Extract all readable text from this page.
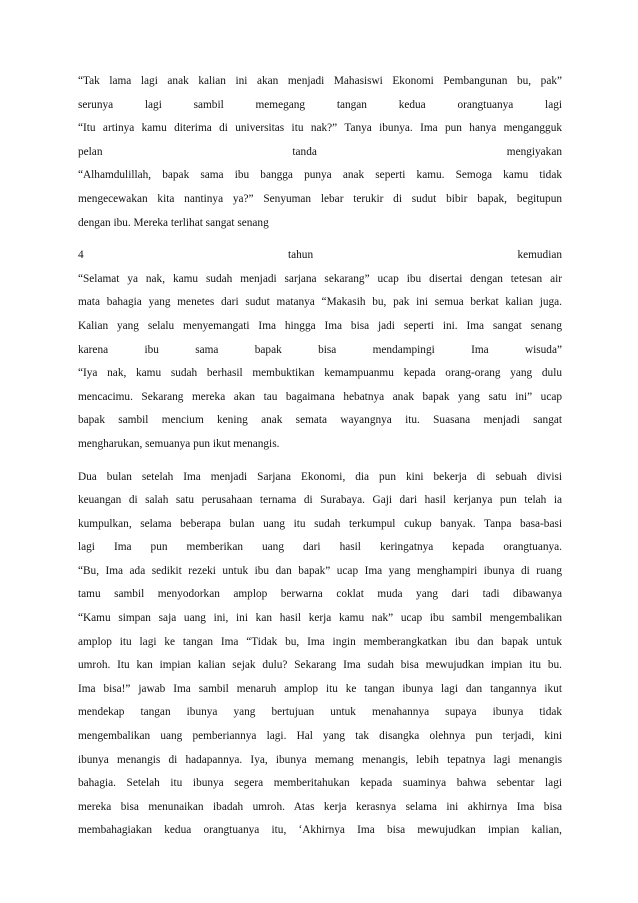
“Tak lama lagi anak kalian ini akan menjadi Mahasiswi Ekonomi Pembangunan bu, pak”
serunya lagi sambil memegang tangan kedua orangtuanya lagi
“Itu artinya kamu diterima di universitas itu nak?” Tanya ibunya. Ima pun hanya mengangguk
pelan tanda mengiyakan
“Alhamdulillah, bapak sama ibu bangga punya anak seperti kamu. Semoga kamu tidak
mengecewakan kita nantinya ya?” Senyuman lebar terukir di sudut bibir bapak, begitupun
dengan ibu. Mereka terlihat sangat senang
4 tahun kemudian
“Selamat ya nak, kamu sudah menjadi sarjana sekarang” ucap ibu disertai dengan tetesan air
mata bahagia yang menetes dari sudut matanya “Makasih bu, pak ini semua berkat kalian juga.
Kalian yang selalu menyemangati Ima hingga Ima bisa jadi seperti ini. Ima sangat senang
karena ibu sama bapak bisa mendampingi Ima wisuda”
“Iya nak, kamu sudah berhasil membuktikan kemampuanmu kepada orang-orang yang dulu
mencacimu. Sekarang mereka akan tau bagaimana hebatnya anak bapak yang satu ini” ucap
bapak sambil mencium kening anak semata wayangnya itu. Suasana menjadi sangat
mengharukan, semuanya pun ikut menangis.
Dua bulan setelah Ima menjadi Sarjana Ekonomi, dia pun kini bekerja di sebuah divisi
keuangan di salah satu perusahaan ternama di Surabaya. Gaji dari hasil kerjanya pun telah ia
kumpulkan, selama beberapa bulan uang itu sudah terkumpul cukup banyak. Tanpa basa-basi
lagi Ima pun memberikan uang dari hasil keringatnya kepada orangtuanya.
“Bu, Ima ada sedikit rezeki untuk ibu dan bapak” ucap Ima yang menghampiri ibunya di ruang
tamu sambil menyodorkan amplop berwarna coklat muda yang dari tadi dibawanya
“Kamu simpan saja uang ini, ini kan hasil kerja kamu nak” ucap ibu sambil mengembalikan
amplop itu lagi ke tangan Ima “Tidak bu, Ima ingin memberangkatkan ibu dan bapak untuk
umroh. Itu kan impian kalian sejak dulu? Sekarang Ima sudah bisa mewujudkan impian itu bu.
Ima bisa!” jawab Ima sambil menaruh amplop itu ke tangan ibunya lagi dan tangannya ikut
mendekap tangan ibunya yang bertujuan untuk menahannya supaya ibunya tidak
mengembalikan uang pemberiannya lagi. Hal yang tak disangka olehnya pun terjadi, kini
ibunya menangis di hadapannya. Iya, ibunya memang menangis, lebih tepatnya lagi menangis
bahagia. Setelah itu ibunya segera memberitahukan kepada suaminya bahwa sebentar lagi
mereka bisa menunaikan ibadah umroh. Atas kerja kerasnya selama ini akhirnya Ima bisa
membahagiakan kedua orangtuanya itu, ‘Akhirnya Ima bisa mewujudkan impian kalian,
